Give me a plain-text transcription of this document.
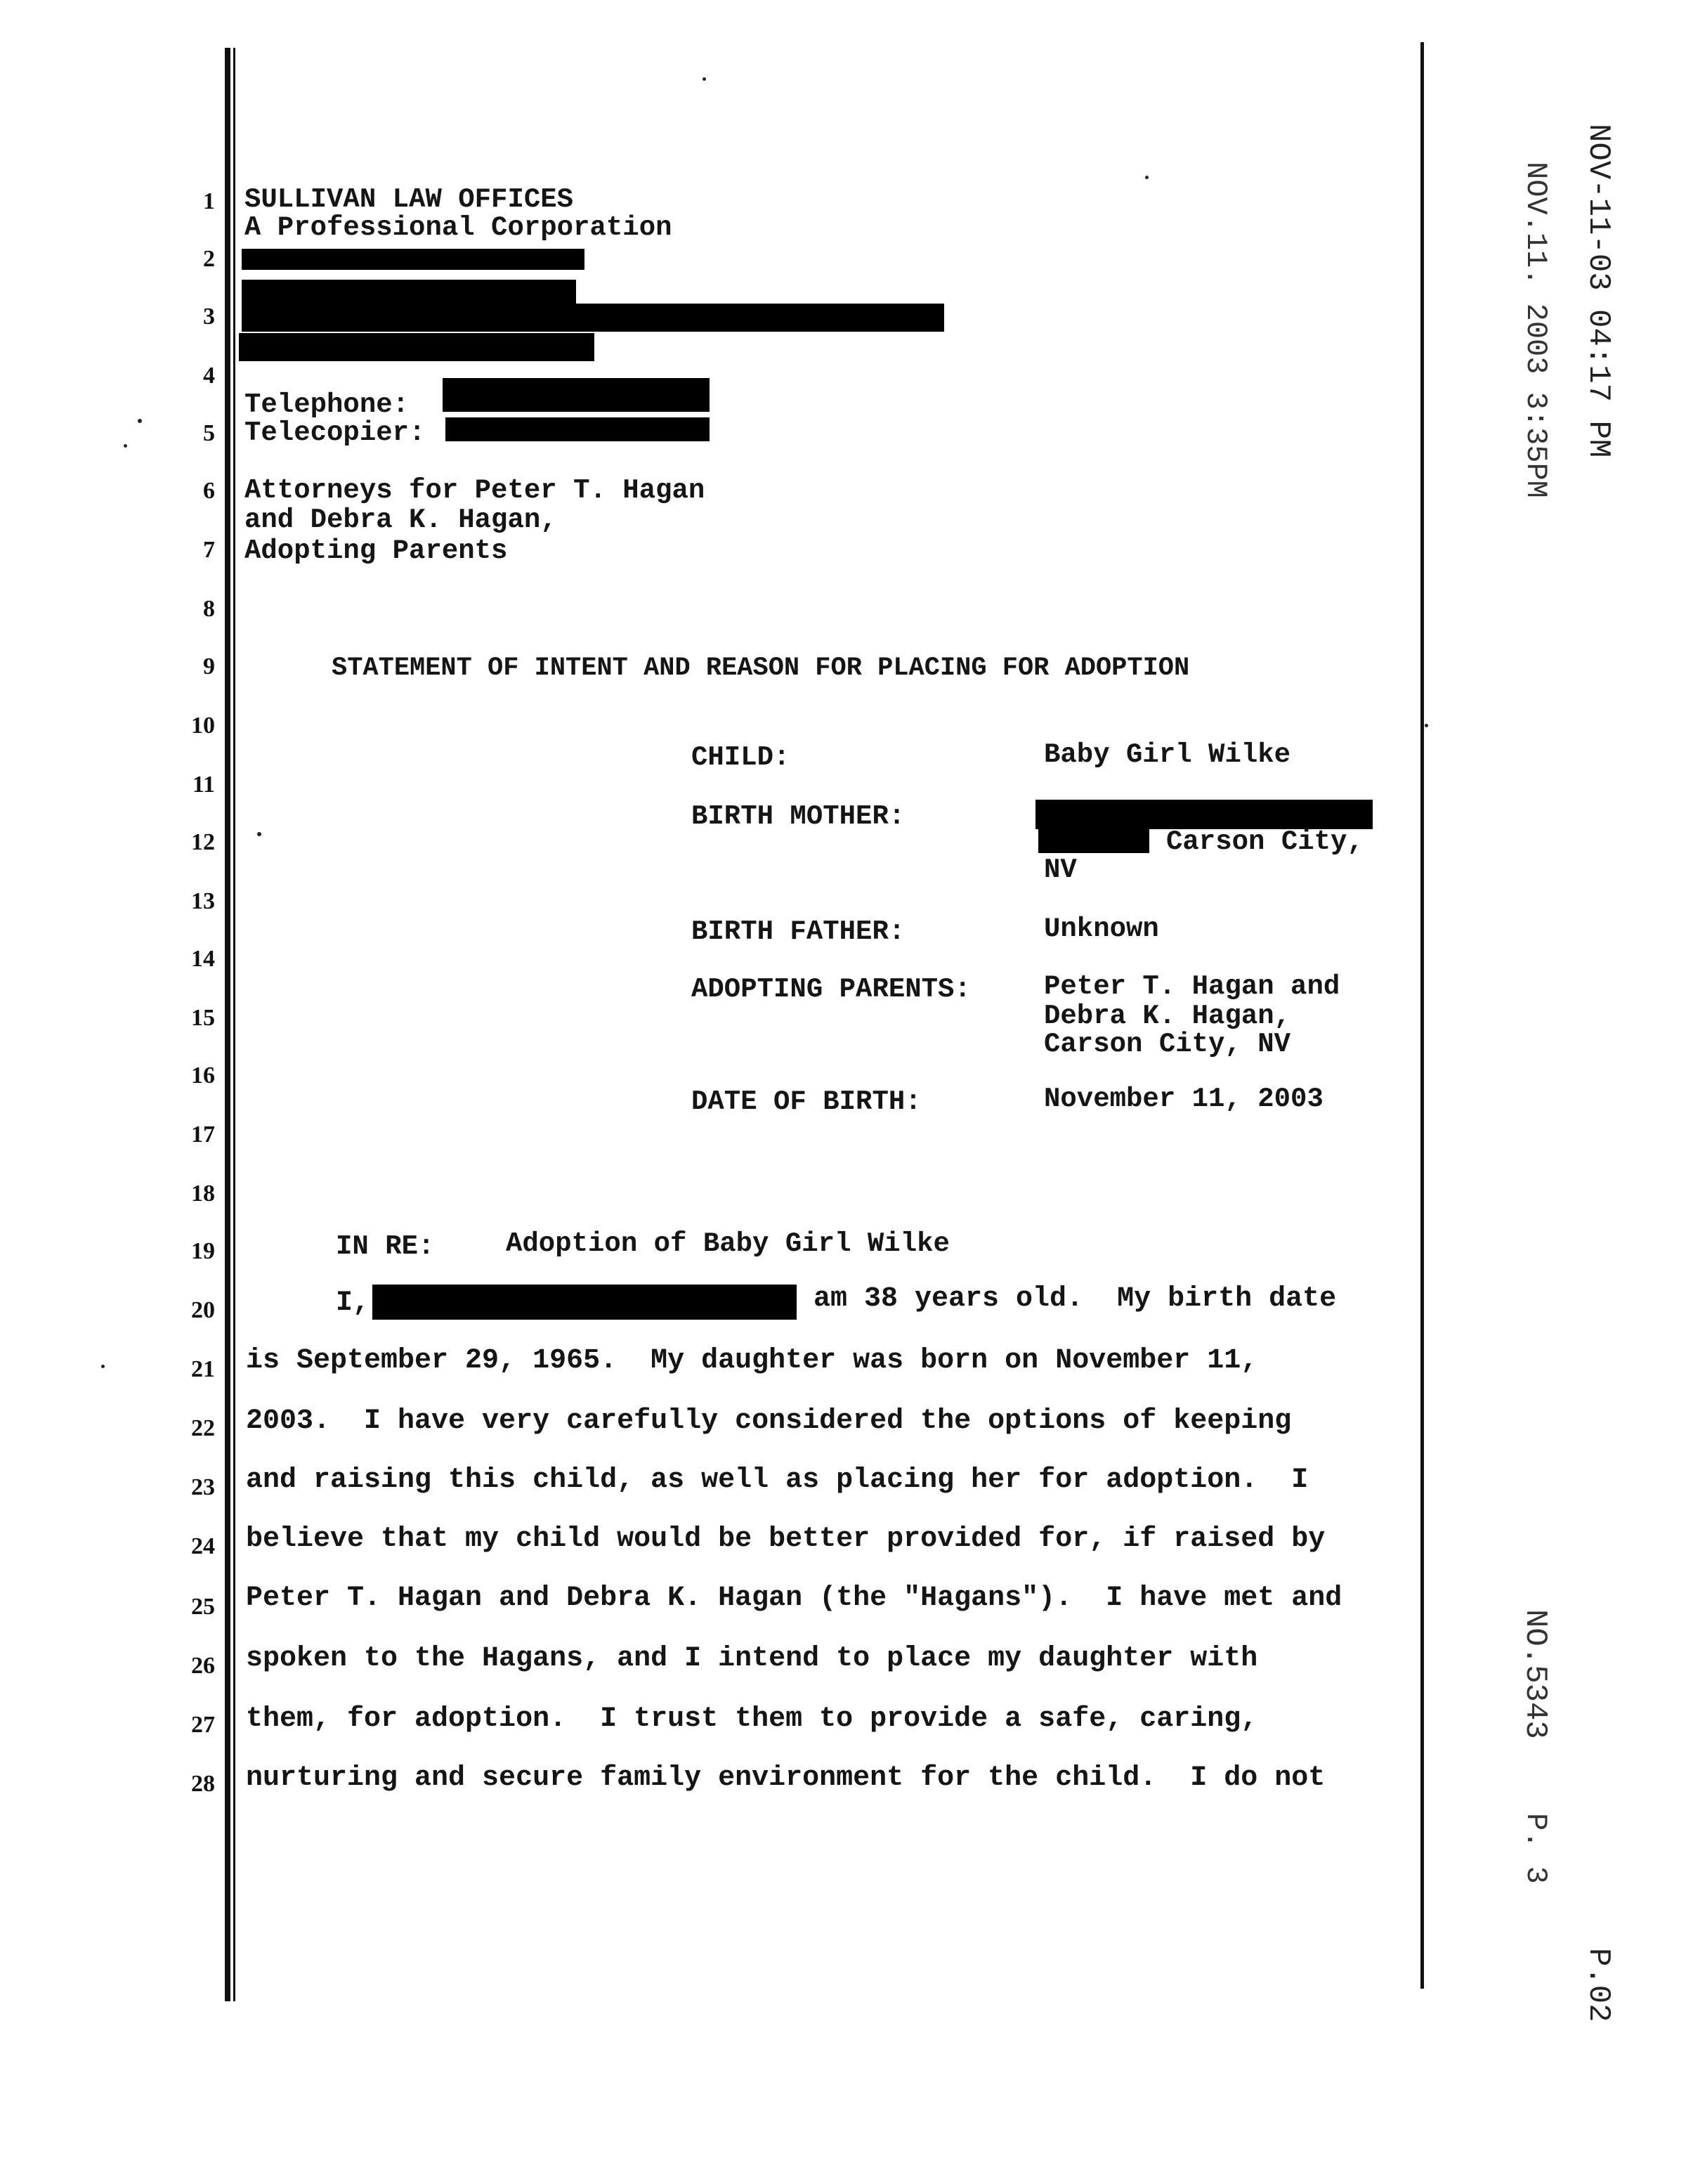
1
2
3
4
5
6
7
8
9
10
11
12
13
14
15
16
17
18
19
20
21
22
23
24
25
26
27
28
SULLIVAN LAW OFFICES
A Professional Corporation
Telephone:
Telecopier:
Attorneys for Peter T. Hagan
and Debra K. Hagan,
Adopting Parents
STATEMENT OF INTENT AND REASON FOR PLACING FOR ADOPTION
CHILD:	Baby Girl Wilke
BIRTH MOTHER:
Carson City,
NV
BIRTH FATHER:	Unknown
ADOPTING PARENTS:	Peter T. Hagan and
Debra K. Hagan,
Carson City, NV
DATE OF BIRTH:	November 11, 2003
IN RE:	Adoption of Baby Girl Wilke
I,	am 38 years old.  My birth date
is September 29, 1965.  My daughter was born on November 11,
2003.  I have very carefully considered the options of keeping
and raising this child, as well as placing her for adoption.  I
believe that my child would be better provided for, if raised by
Peter T. Hagan and Debra K. Hagan (the "Hagans").  I have met and
spoken to the Hagans, and I intend to place my daughter with
them, for adoption.  I trust them to provide a safe, caring,
nurturing and secure family environment for the child.  I do not
NOV-11-03 04:17 PM
NOV.11. 2003 3:35PM
NO.5343
P. 3
P.02
